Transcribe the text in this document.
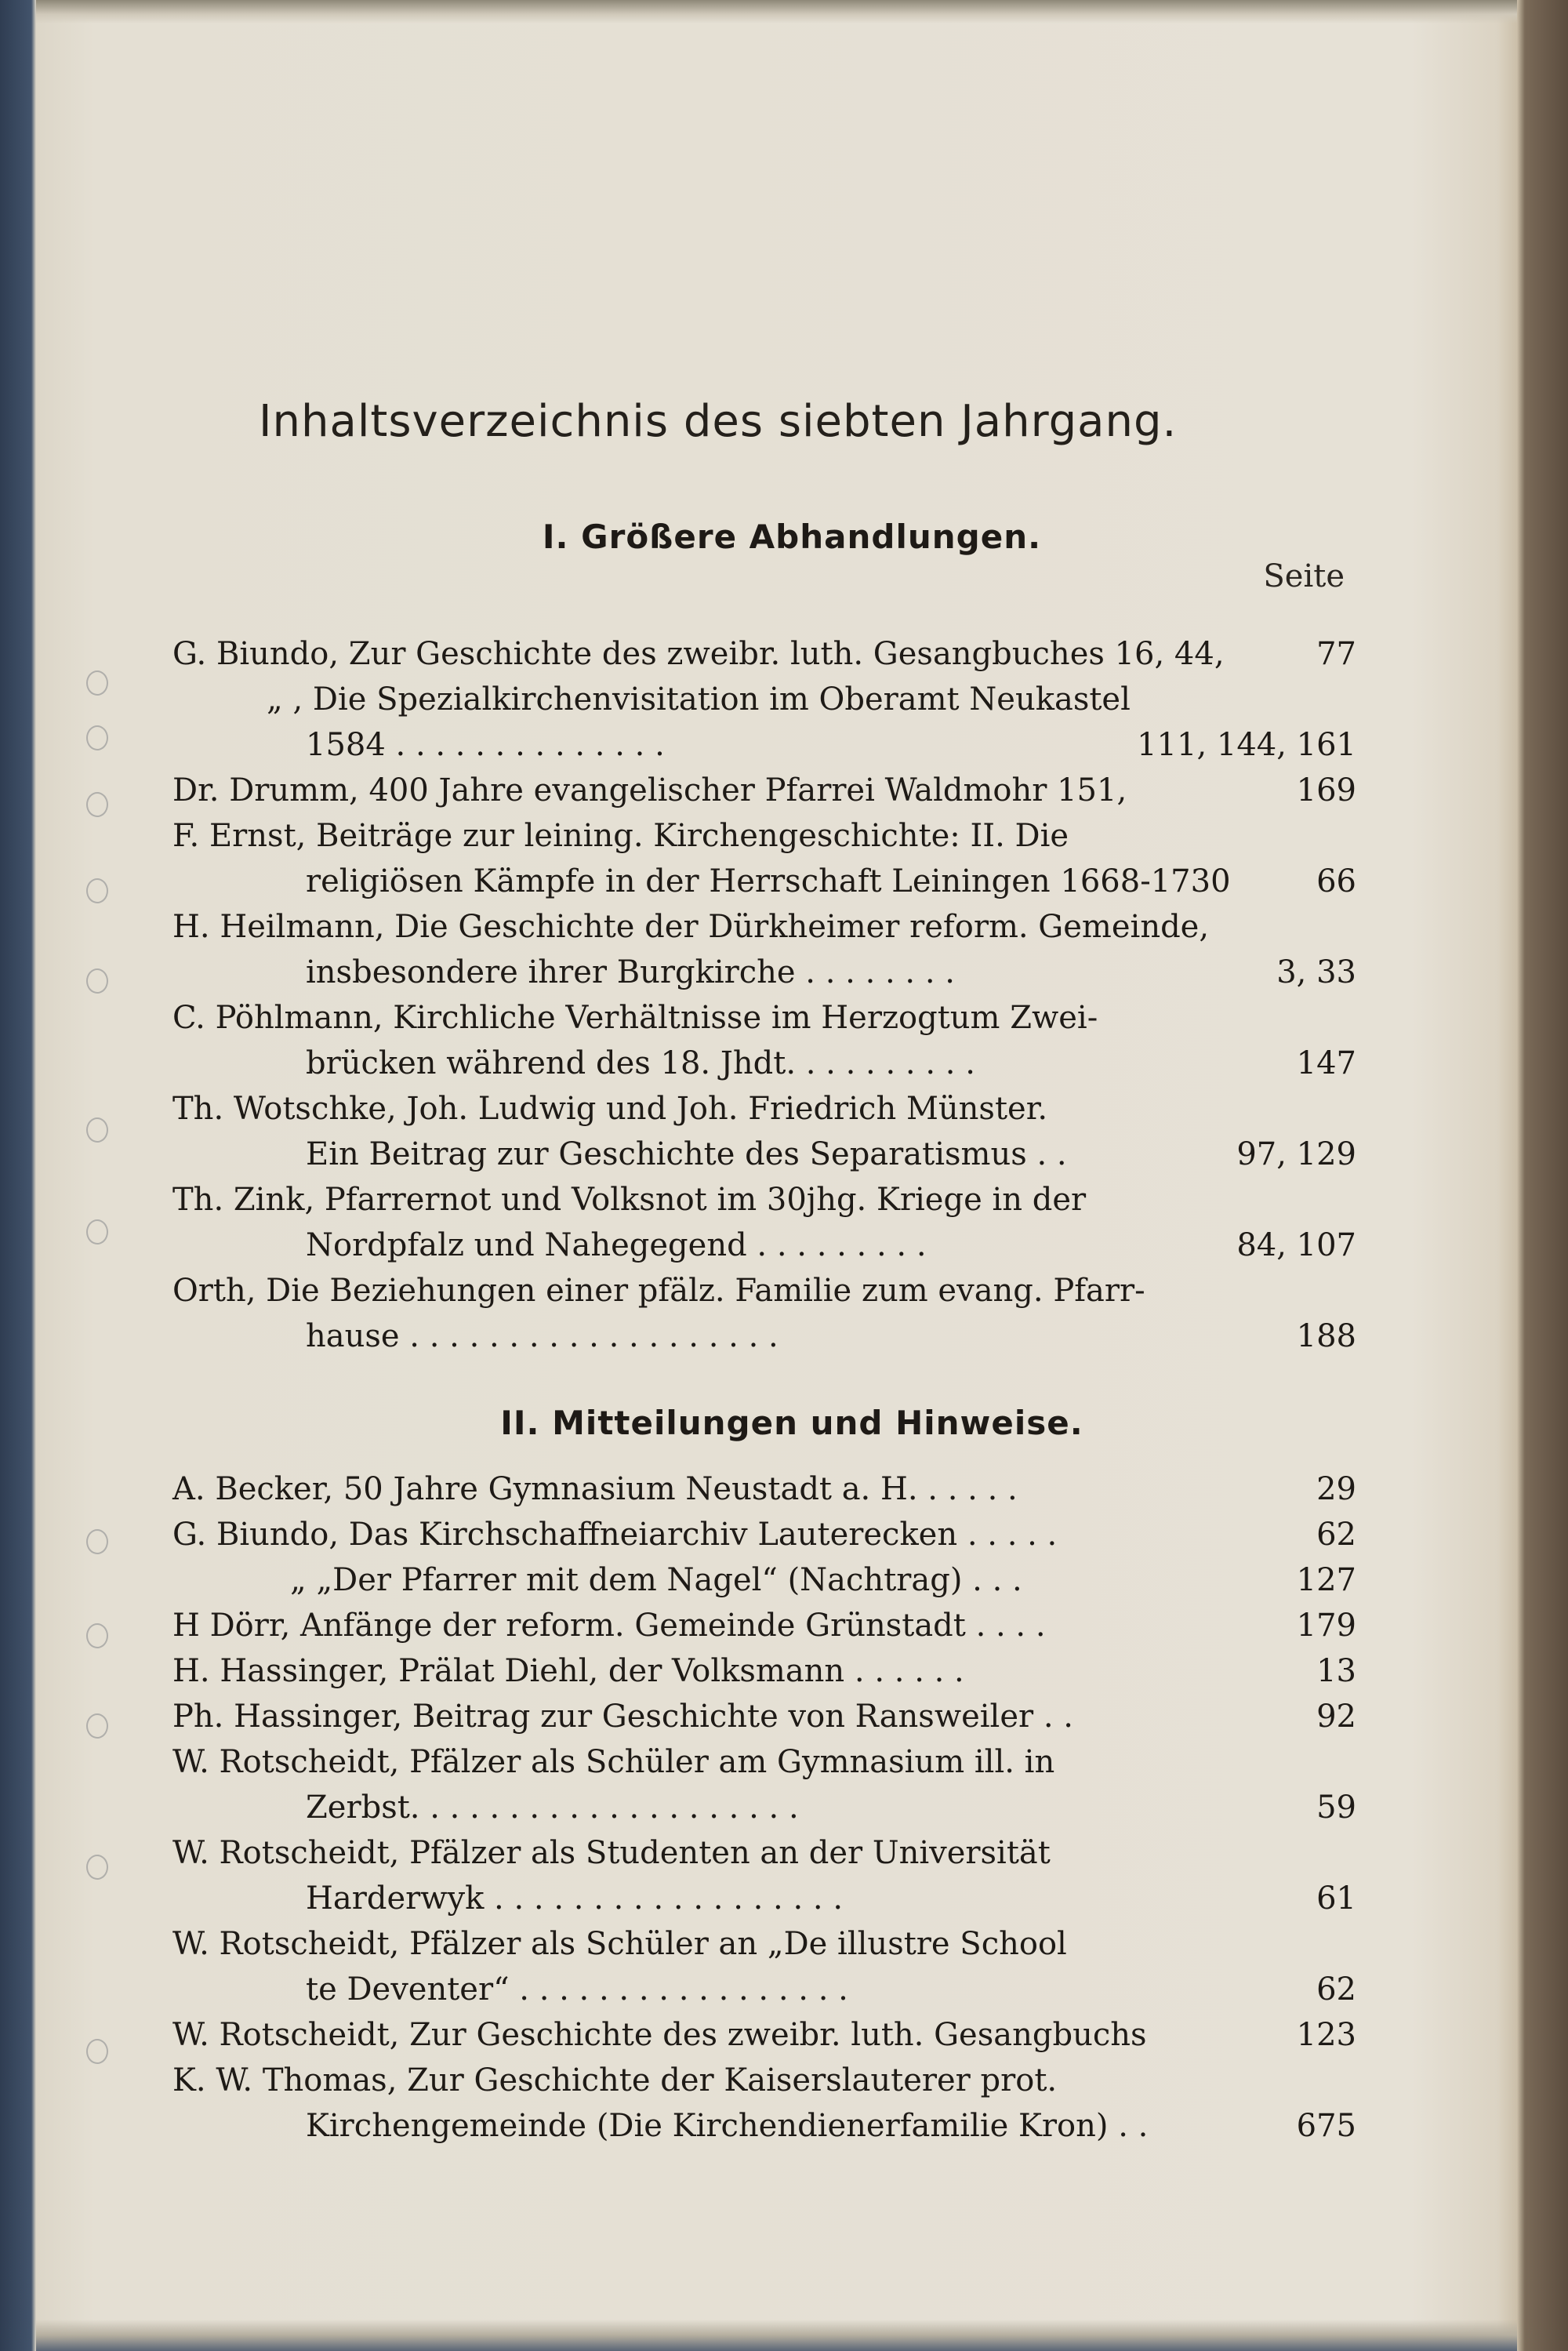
Inhaltsverzeichnis des siebten Jahrgang.
I. Größere Abhandlungen.
Seite
G. Biundo, Zur Geschichte des zweibr. luth. Gesangbuches 16, 44,	77
„ , Die Spezialkirchenvisitation im Oberamt Neukastel
1584 . . . . . . . . . . . . . .	111, 144, 161
Dr. Drumm, 400 Jahre evangelischer Pfarrei Waldmohr 151,	169
F. Ernst, Beiträge zur leining. Kirchengeschichte: II. Die
religiösen Kämpfe in der Herrschaft Leiningen 1668-1730	66
H. Heilmann, Die Geschichte der Dürkheimer reform. Gemeinde,
insbesondere ihrer Burgkirche . . . . . . . .	3, 33
C. Pöhlmann, Kirchliche Verhältnisse im Herzogtum Zwei-
brücken während des 18. Jhdt. . . . . . . . . .	147
Th. Wotschke, Joh. Ludwig und Joh. Friedrich Münster.
Ein Beitrag zur Geschichte des Separatismus . .	97, 129
Th. Zink, Pfarrernot und Volksnot im 30jhg. Kriege in der
Nordpfalz und Nahegegend . . . . . . . . .	84, 107
Orth, Die Beziehungen einer pfälz. Familie zum evang. Pfarr-
hause . . . . . . . . . . . . . . . . . . .	188
II. Mitteilungen und Hinweise.
A. Becker, 50 Jahre Gymnasium Neustadt a. H. . . . . .	29
G. Biundo, Das Kirchschaffneiarchiv Lauterecken . . . . .	62
„ „Der Pfarrer mit dem Nagel“ (Nachtrag) . . .	127
H Dörr, Anfänge der reform. Gemeinde Grünstadt . . . .	179
H. Hassinger, Prälat Diehl, der Volksmann . . . . . .	13
Ph. Hassinger, Beitrag zur Geschichte von Ransweiler . .	92
W. Rotscheidt, Pfälzer als Schüler am Gymnasium ill. in
Zerbst. . . . . . . . . . . . . . . . . . . .	59
W. Rotscheidt, Pfälzer als Studenten an der Universität
Harderwyk . . . . . . . . . . . . . . . . . .	61
W. Rotscheidt, Pfälzer als Schüler an „De illustre School
te Deventer“ . . . . . . . . . . . . . . . . .	62
W. Rotscheidt, Zur Geschichte des zweibr. luth. Gesangbuchs	123
K. W. Thomas, Zur Geschichte der Kaiserslauterer prot.
Kirchengemeinde (Die Kirchendienerfamilie Kron) . .	675
